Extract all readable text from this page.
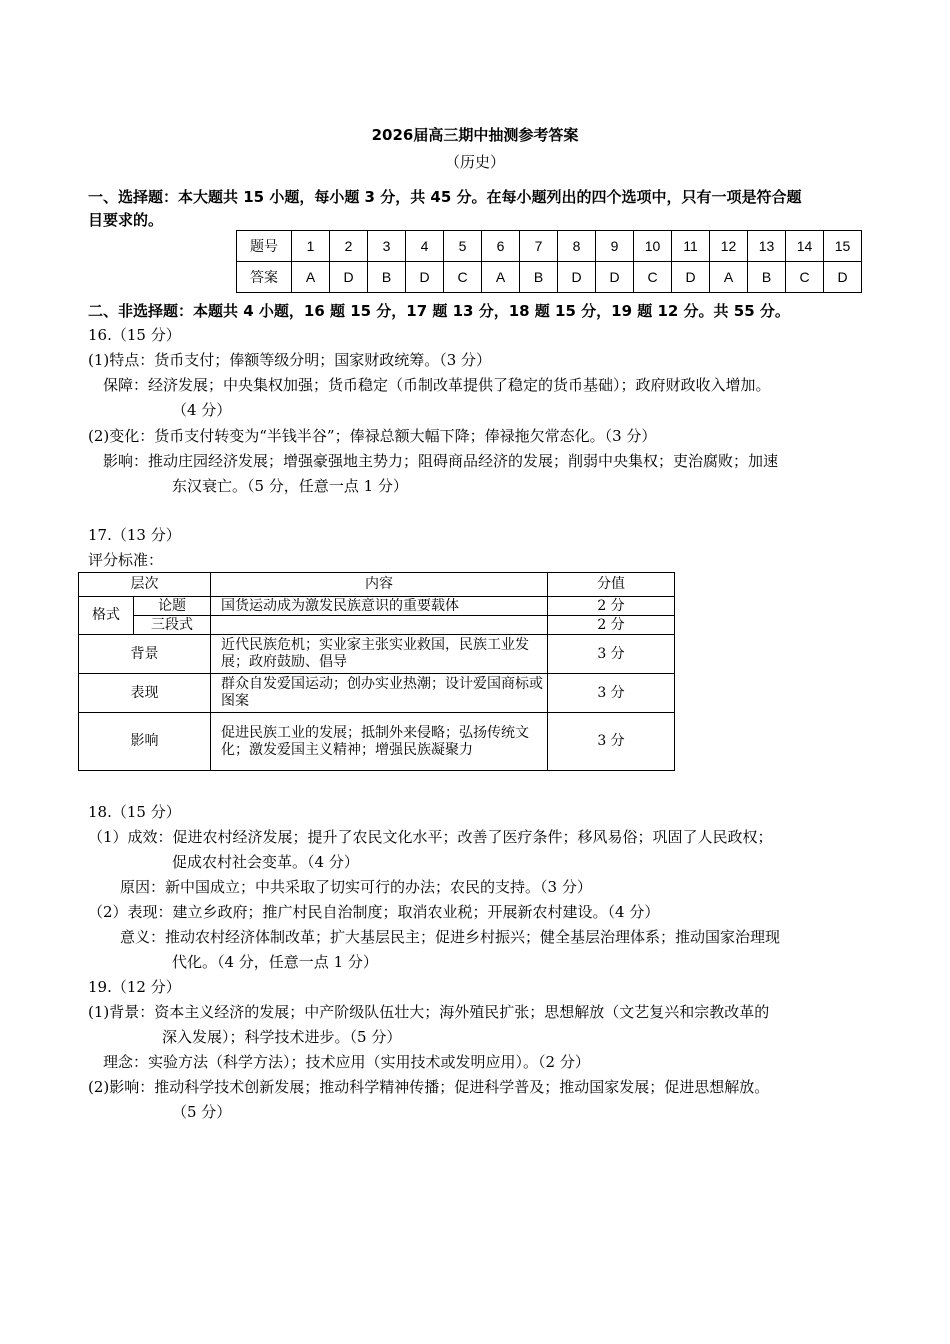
2026届高三期中抽测参考答案
（历史）
一、选择题：本大题共 15 小题，每小题 3 分，共 45 分。在每小题列出的四个选项中，只有一项是符合题
目要求的。
题号	1	2	3	4	5	6	7	8	9	10	11	12	13	14	15
答案	A	D	B	D	C	A	B	D	D	C	D	A	B	C	D
二、非选择题：本题共 4 小题，16 题 15 分，17 题 13 分，18 题 15 分，19 题 12 分。共 55 分。
16.（15 分）
(1)特点：货币支付；俸额等级分明；国家财政统筹。（3 分）
保障：经济发展；中央集权加强；货币稳定（币制改革提供了稳定的货币基础）；政府财政收入增加。
（4 分）
(2)变化：货币支付转变为“半钱半谷”；俸禄总额大幅下降；俸禄拖欠常态化。（3 分）
影响：推动庄园经济发展；增强豪强地主势力；阻碍商品经济的发展；削弱中央集权；吏治腐败；加速
东汉衰亡。（5 分，任意一点 1 分）
17.（13 分）
评分标准：
层次		内容	分值
格式	论题	国货运动成为激发民族意识的重要载体	2 分
	三段式		2 分
背景		近代民族危机；实业家主张实业救国，民族工业发展；政府鼓励、倡导	3 分
表现		群众自发爱国运动；创办实业热潮；设计爱国商标或图案	3 分
影响		促进民族工业的发展；抵制外来侵略；弘扬传统文化；激发爱国主义精神；增强民族凝聚力	3 分
18.（15 分）
（1）成效：促进农村经济发展；提升了农民文化水平；改善了医疗条件；移风易俗；巩固了人民政权；
促成农村社会变革。（4 分）
原因：新中国成立；中共采取了切实可行的办法；农民的支持。（3 分）
（2）表现：建立乡政府；推广村民自治制度；取消农业税；开展新农村建设。（4 分）
意义：推动农村经济体制改革；扩大基层民主；促进乡村振兴；健全基层治理体系；推动国家治理现
代化。（4 分，任意一点 1 分）
19.（12 分）
(1)背景：资本主义经济的发展；中产阶级队伍壮大；海外殖民扩张；思想解放（文艺复兴和宗教改革的
深入发展）；科学技术进步。（5 分）
理念：实验方法（科学方法）；技术应用（实用技术或发明应用）。（2 分）
(2)影响：推动科学技术创新发展；推动科学精神传播；促进科学普及；推动国家发展；促进思想解放。
（5 分）
